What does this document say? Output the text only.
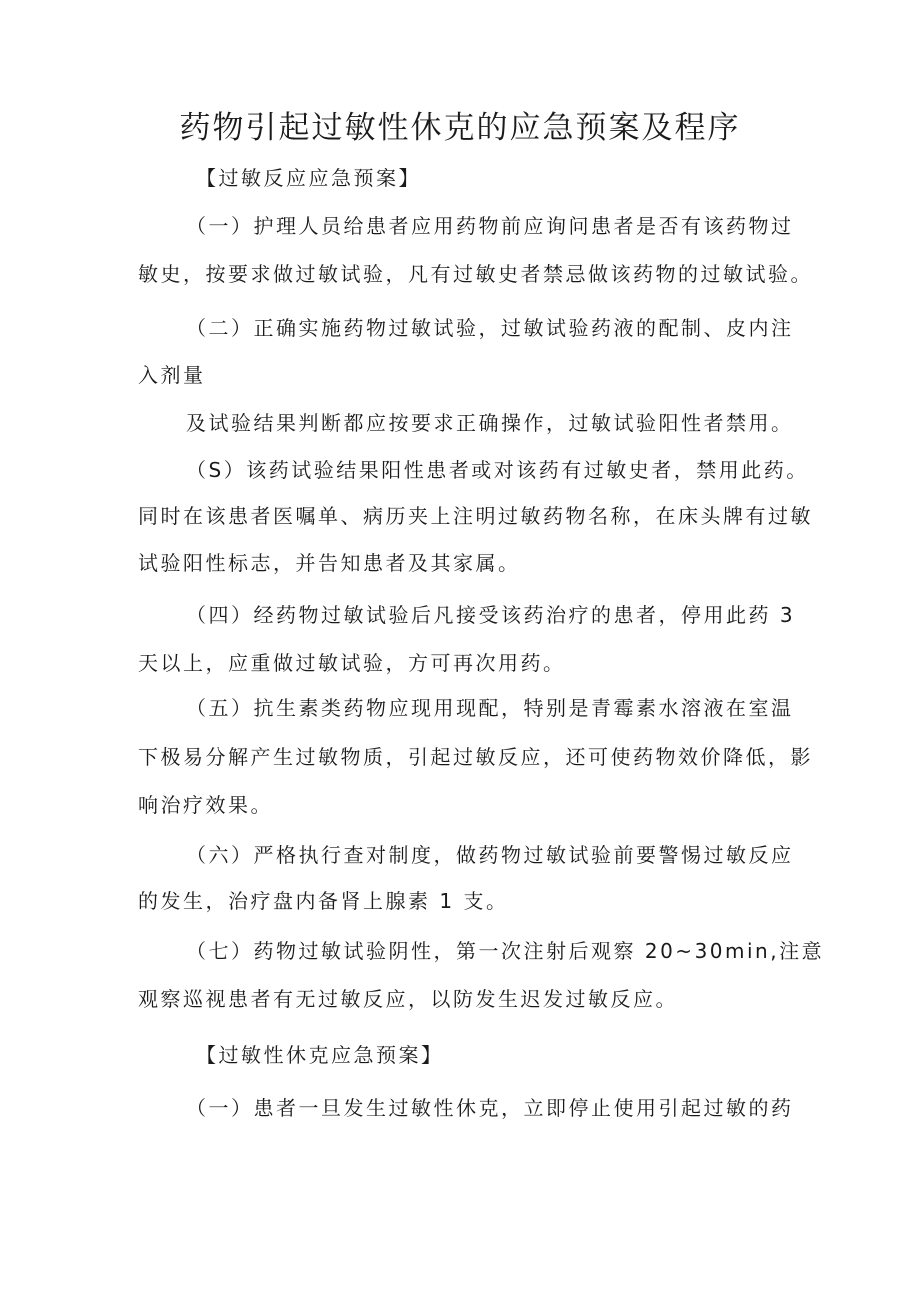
药物引起过敏性休克的应急预案及程序
【过敏反应应急预案】
（一）护理人员给患者应用药物前应询问患者是否有该药物过
敏史，按要求做过敏试验，凡有过敏史者禁忌做该药物的过敏试验。
（二）正确实施药物过敏试验，过敏试验药液的配制、皮内注
入剂量
及试验结果判断都应按要求正确操作，过敏试验阳性者禁用。
（S）该药试验结果阳性患者或对该药有过敏史者，禁用此药。
同时在该患者医嘱单、病历夹上注明过敏药物名称，在床头牌有过敏
试验阳性标志，并告知患者及其家属。
（四）经药物过敏试验后凡接受该药治疗的患者，停用此药 3
天以上，应重做过敏试验，方可再次用药。
（五）抗生素类药物应现用现配，特别是青霉素水溶液在室温
下极易分解产生过敏物质，引起过敏反应，还可使药物效价降低，影
响治疗效果。
（六）严格执行查对制度，做药物过敏试验前要警惕过敏反应
的发生，治疗盘内备肾上腺素 1 支。
（七）药物过敏试验阴性，第一次注射后观察 20~30min,注意
观察巡视患者有无过敏反应，以防发生迟发过敏反应。
【过敏性休克应急预案】
（一）患者一旦发生过敏性休克，立即停止使用引起过敏的药
